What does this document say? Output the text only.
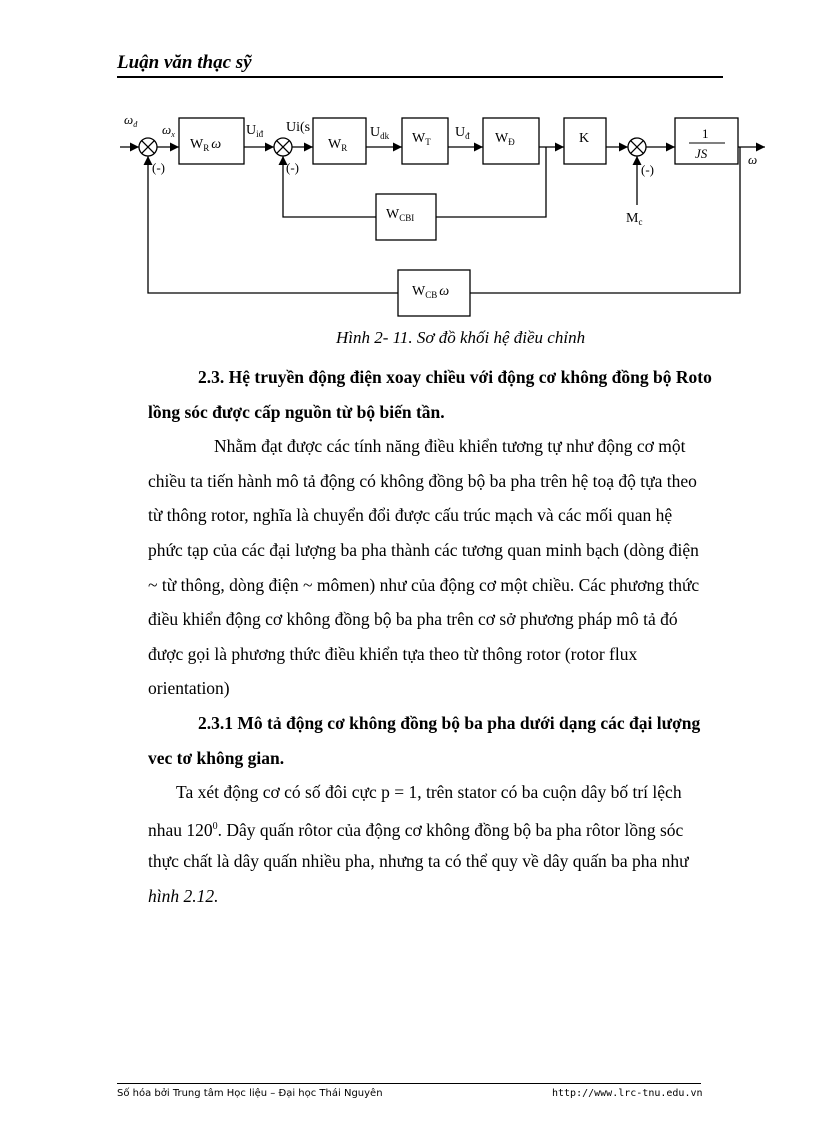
Luận văn thạc sỹ
$W_R$ ω	$W_R$
$W_T$	$W_Đ$	K	1
JS
$W_{CBI}$
$W_{CB}$ ω
$\omega_đ$ $\omega_x$	$U_{iđ}$ Ui(s	$U_{dk}$	$U_đ$
ω
$M_c$
(-)	(-)	(-)
Hình 2- 11. Sơ đồ khối hệ điều chỉnh
2.3. Hệ truyền động điện xoay chiều với động cơ không đồng bộ Roto
lồng sóc được cấp nguồn từ bộ biến tần.
Nhằm đạt được các tính năng điều khiển tương tự như động cơ một
chiều ta tiến hành mô tả động có không đồng bộ ba pha trên hệ toạ độ tựa theo
từ thông rotor, nghĩa là chuyển đổi được cấu trúc mạch và các mối quan hệ
phức tạp của các đại lượng ba pha thành các tương quan minh bạch (dòng điện
~ từ thông, dòng điện ~ mômen) như của động cơ một chiều. Các phương thức
điều khiển động cơ không đồng bộ ba pha trên cơ sở phương pháp mô tả đó
được gọi là phương thức điều khiển tựa theo từ thông rotor (rotor flux
orientation)
2.3.1 Mô tả động cơ không đồng bộ ba pha dưới dạng các đại lượng
vec tơ không gian.
Ta xét động cơ có số đôi cực p = 1, trên stator có ba cuộn dây bố trí lệch
nhau $120^0$. Dây quấn rôtor của động cơ không đồng bộ ba pha rôtor lồng sóc
thực chất là dây quấn nhiều pha, nhưng ta có thể quy về dây quấn ba pha như
hình 2.12.
Số hóa bởi Trung tâm Học liệu – Đại học Thái Nguyên	http://www.lrc-tnu.edu.vn
